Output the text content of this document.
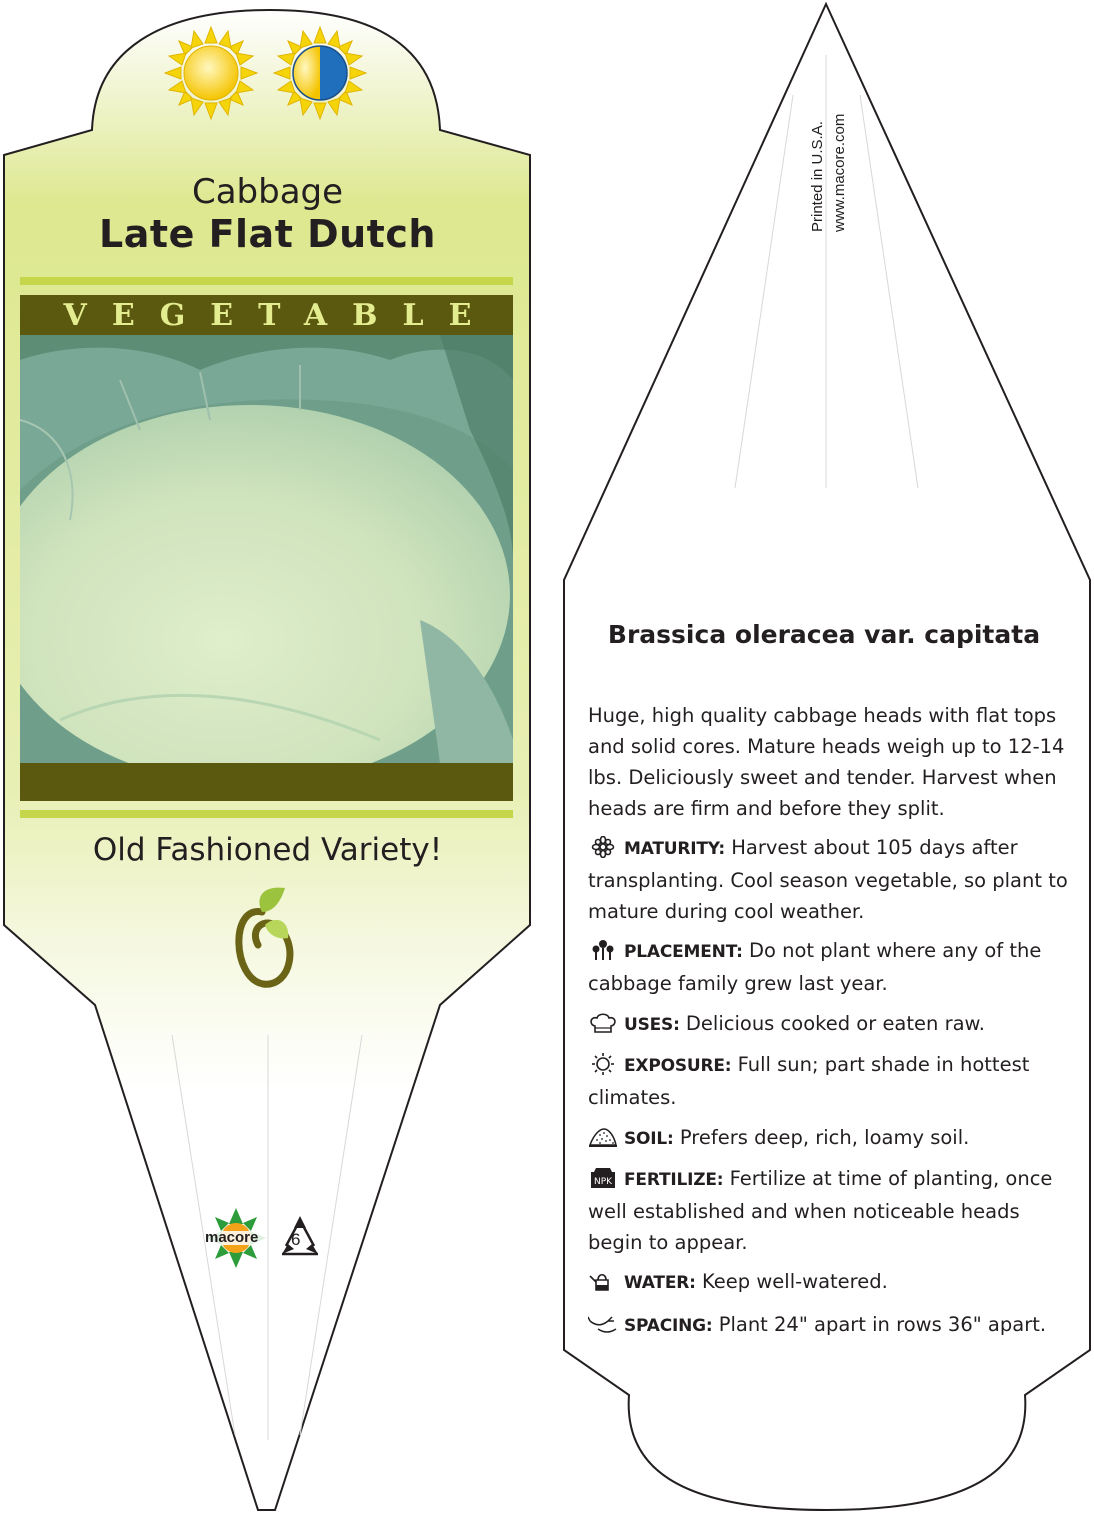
Cabbage
Late Flat Dutch
VEGETABLE
Old Fashioned Variety!
macore 6
Printed in U.S.A. www.macore.com
Brassica oleracea var. capitata
Huge, high quality cabbage heads with flat tops and solid cores. Mature heads weigh up to 12-14 lbs. Deliciously sweet and tender. Harvest when heads are firm and before they split.
MATURITY: Harvest about 105 days after transplanting. Cool season vegetable, so plant to mature during cool weather.
PLACEMENT: Do not plant where any of the cabbage family grew last year.
USES: Delicious cooked or eaten raw.
EXPOSURE: Full sun; part shade in hottest climates.
SOIL: Prefers deep, rich, loamy soil.
NPK FERTILIZE: Fertilize at time of planting, once well established and when noticeable heads begin to appear.
WATER: Keep well-watered.
SPACING: Plant 24" apart in rows 36" apart.
